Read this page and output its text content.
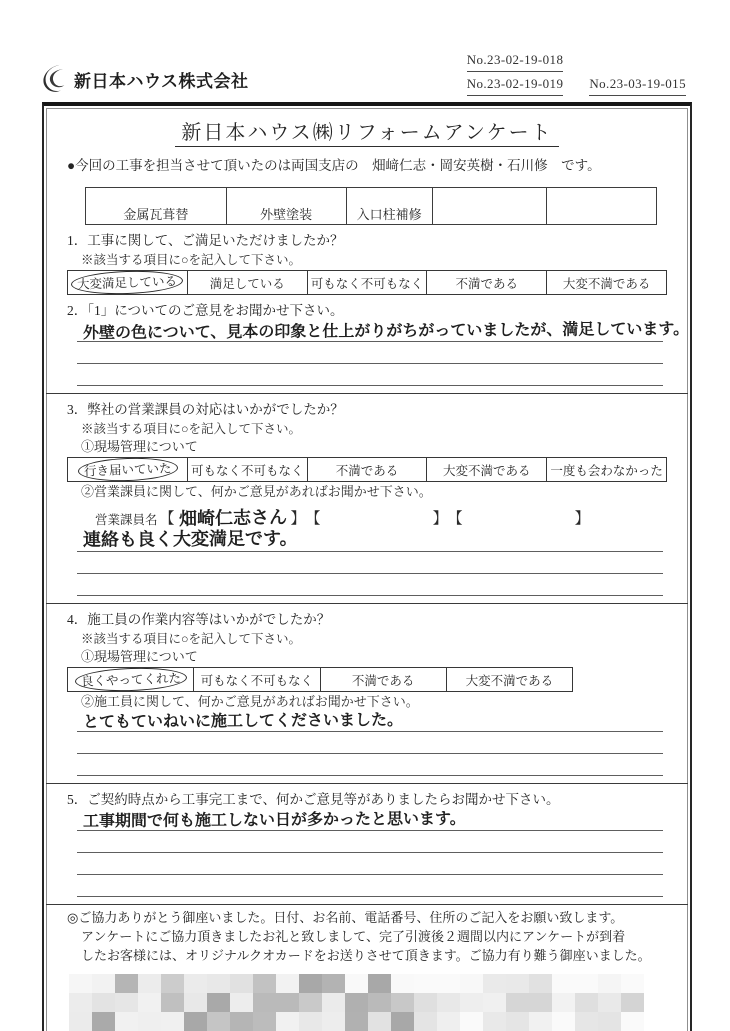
新日本ハウス株式会社
No.23-02-19-018
No.23-02-19-019 No.23-03-19-015
新日本ハウス㈱リフォームアンケート

●今回の工事を担当させて頂いたのは両国支店の　畑﨑仁志・岡安英樹・石川修　です。

金属瓦葺替	外壁塗装	入口柱補修

1．工事に関して、ご満足いただけましたか？

※該当する項目に○を記入して下さい。

大変満足している	満足している	可もなく不可もなく	不満である	大変不満である

2．「1」についてのご意見をお聞かせ下さい。

外壁の色について、見本の印象と仕上がりがちがっていましたが、満足しています。

3．弊社の営業課員の対応はいかがでしたか？

※該当する項目に○を記入して下さい。

①現場管理について

行き届いていた	可もなく不可もなく	不満である	大変不満である	一度も会わなかった

②営業課員に関して、何かご意見があればお聞かせ下さい。

営業課員名 【 畑崎仁志さん 】 【	】 【	】
連絡も良く大変満足です。

4．施工員の作業内容等はいかがでしたか？

※該当する項目に○を記入して下さい。

①現場管理について

良くやってくれた	可もなく不可もなく	不満である	大変不満である

②施工員に関して、何かご意見があればお聞かせ下さい。

とてもていねいに施工してくださいました。

5．ご契約時点から工事完工まで、何かご意見等がありましたらお聞かせ下さい。

工事期間で何も施工しない日が多かったと思います。

◎ご協力ありがとう御座いました。日付、お名前、電話番号、住所のご記入をお願い致します。

アンケートにご協力頂きましたお礼と致しまして、完了引渡後２週間以内にアンケートが到着

したお客様には、オリジナルクオカードをお送りさせて頂きます。ご協力有り難う御座いました。
